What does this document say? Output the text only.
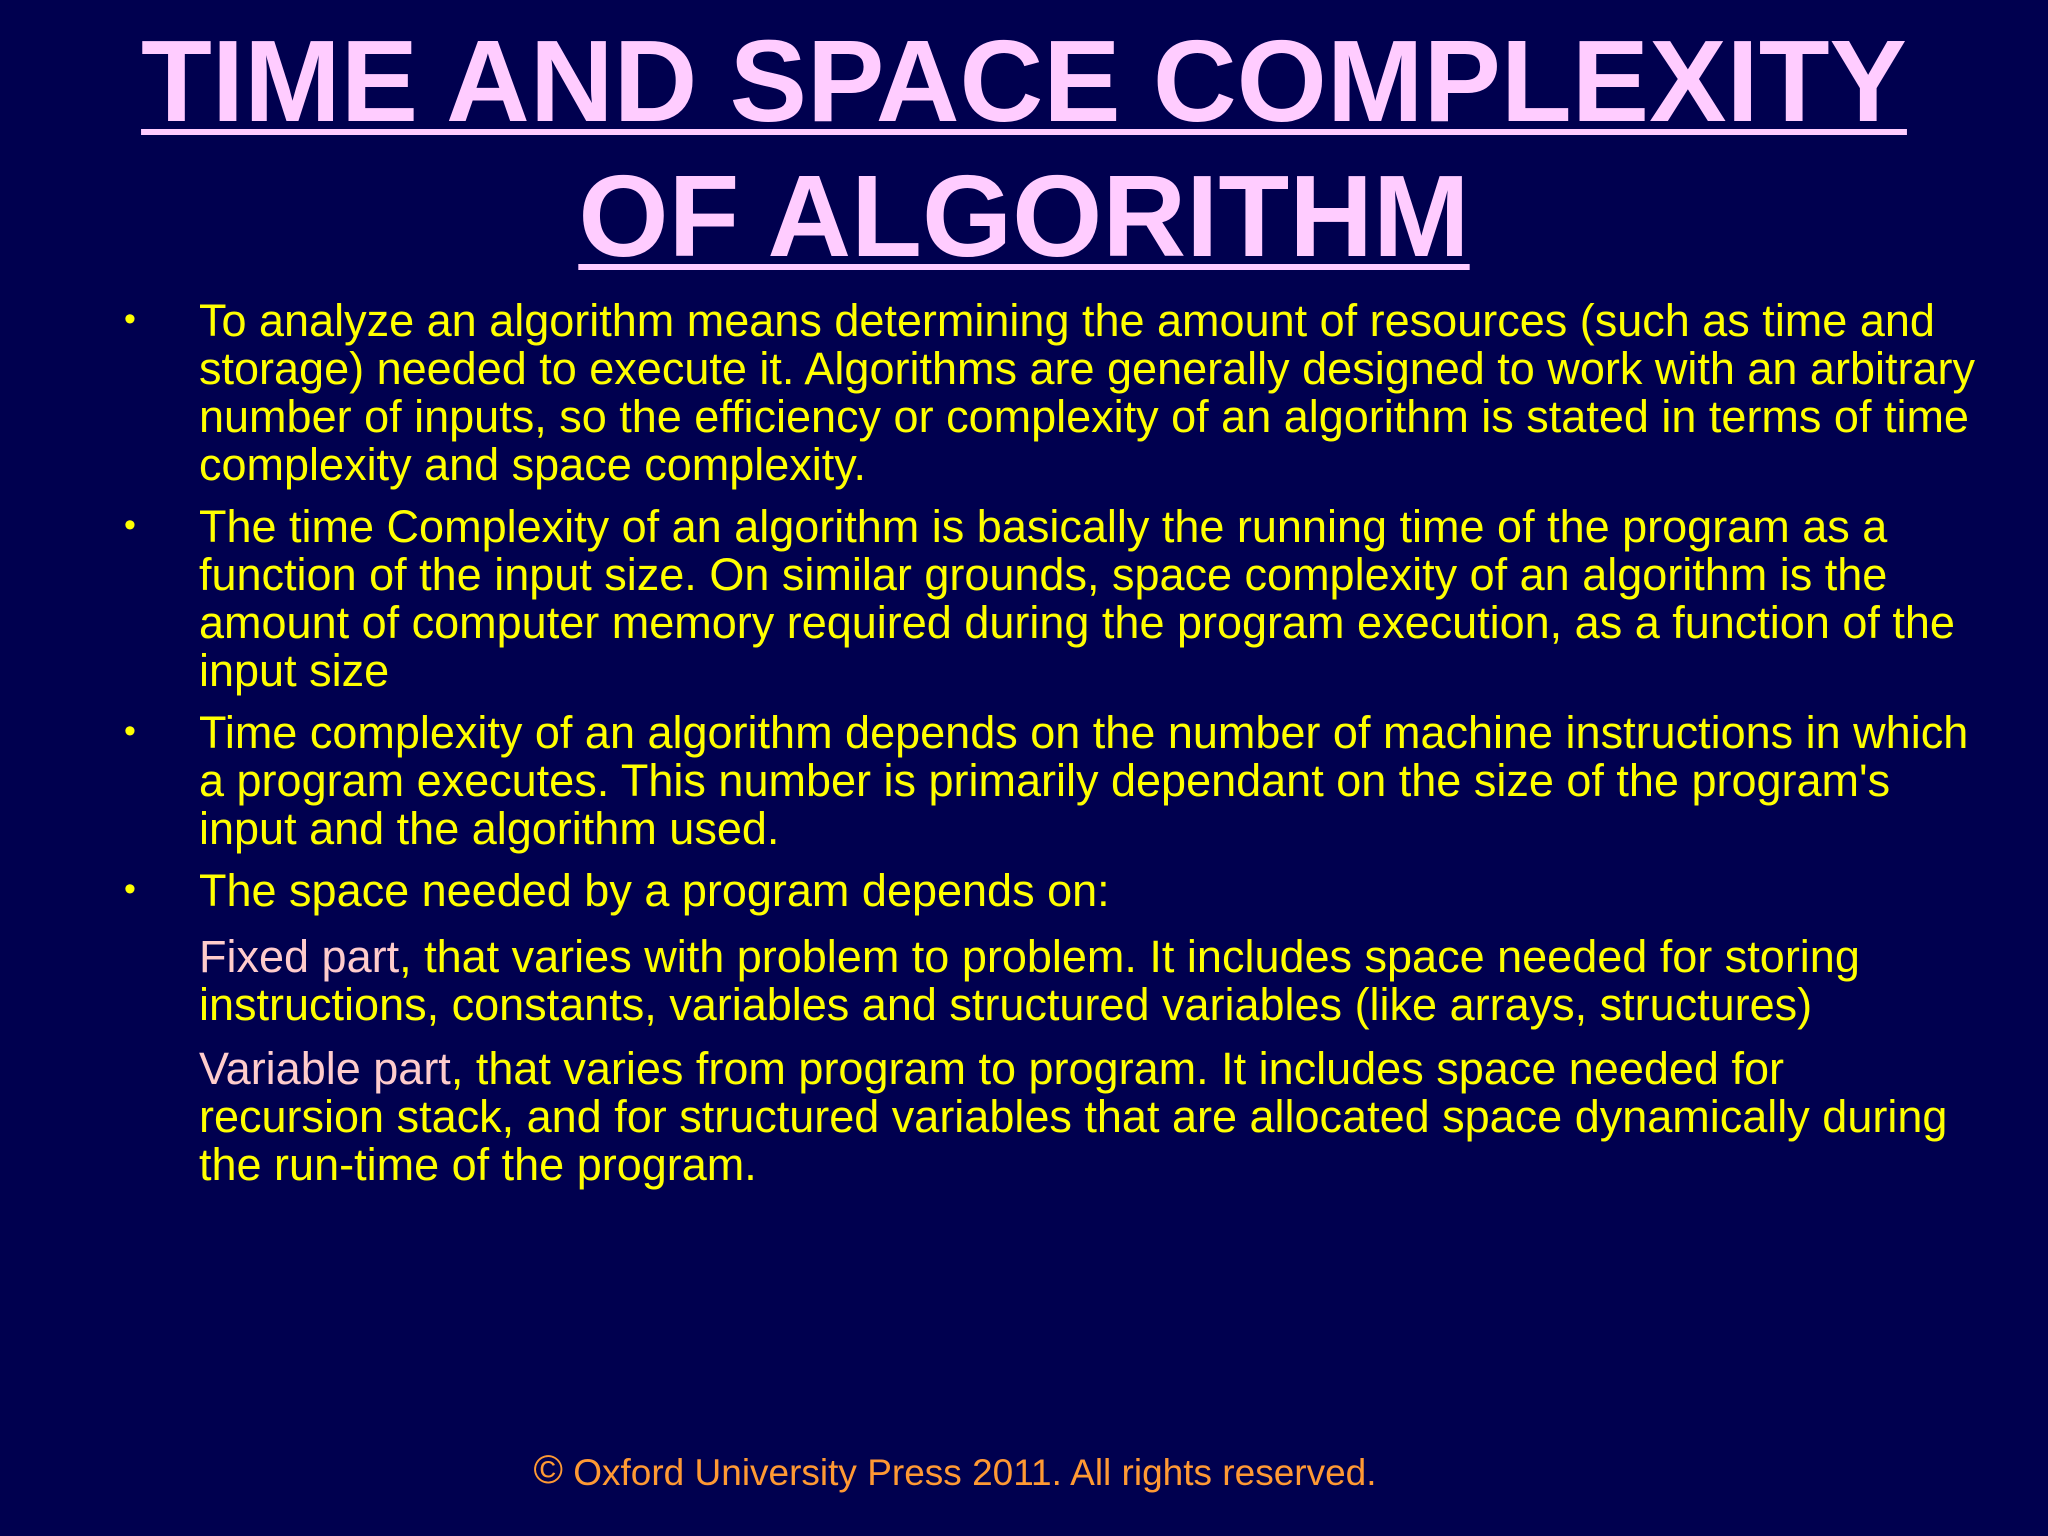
TIME AND SPACE COMPLEXITY
OF ALGORITHM
• To analyze an algorithm means determining the amount of resources (such as time and storage) needed to execute it. Algorithms are generally designed to work with an arbitrary number of inputs, so the efficiency or complexity of an algorithm is stated in terms of time complexity and space complexity.
• The time Complexity of an algorithm is basically the running time of the program as a function of the input size. On similar grounds, space complexity of an algorithm is the amount of computer memory required during the program execution, as a function of the input size
• Time complexity of an algorithm depends on the number of machine instructions in which a program executes. This number is primarily dependant on the size of the program's input and the algorithm used.
• The space needed by a program depends on:
Fixed part, that varies with problem to problem. It includes space needed for storing instructions, constants, variables and structured variables (like arrays, structures)
Variable part, that varies from program to program. It includes space needed for recursion stack, and for structured variables that are allocated space dynamically during the run-time of the program.
© Oxford University Press 2011. All rights reserved.
